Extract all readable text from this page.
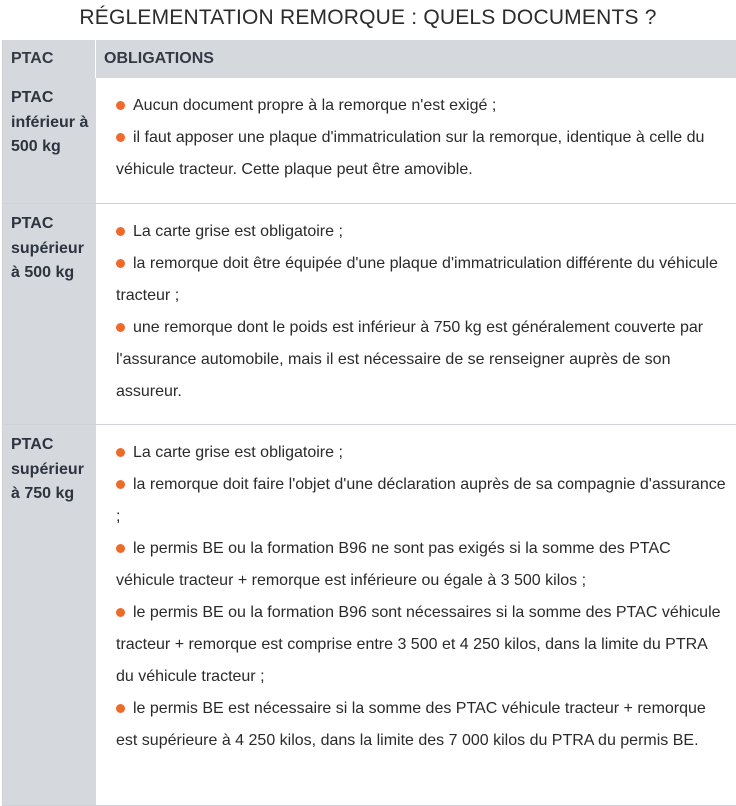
RÉGLEMENTATION REMORQUE : QUELS DOCUMENTS ?
PTAC	OBLIGATIONS
PTAC inférieur à 500 kg

Aucun document propre à la remorque n'est exigé ;

il faut apposer une plaque d'immatriculation sur la remorque, identique à celle du véhicule tracteur. Cette plaque peut être amovible.

PTAC supérieur à 500 kg

La carte grise est obligatoire ;

la remorque doit être équipée d'une plaque d'immatriculation différente du véhicule tracteur ;

une remorque dont le poids est inférieur à 750 kg est généralement couverte par l'assurance automobile, mais il est nécessaire de se renseigner auprès de son assureur.

PTAC supérieur à 750 kg

La carte grise est obligatoire ;

la remorque doit faire l'objet d'une déclaration auprès de sa compagnie d'assurance ;

le permis BE ou la formation B96 ne sont pas exigés si la somme des PTAC véhicule tracteur + remorque est inférieure ou égale à 3 500 kilos ;

le permis BE ou la formation B96 sont nécessaires si la somme des PTAC véhicule tracteur + remorque est comprise entre 3 500 et 4 250 kilos, dans la limite du PTRA du véhicule tracteur ;

le permis BE est nécessaire si la somme des PTAC véhicule tracteur + remorque est supérieure à 4 250 kilos, dans la limite des 7 000 kilos du PTRA du permis BE.
